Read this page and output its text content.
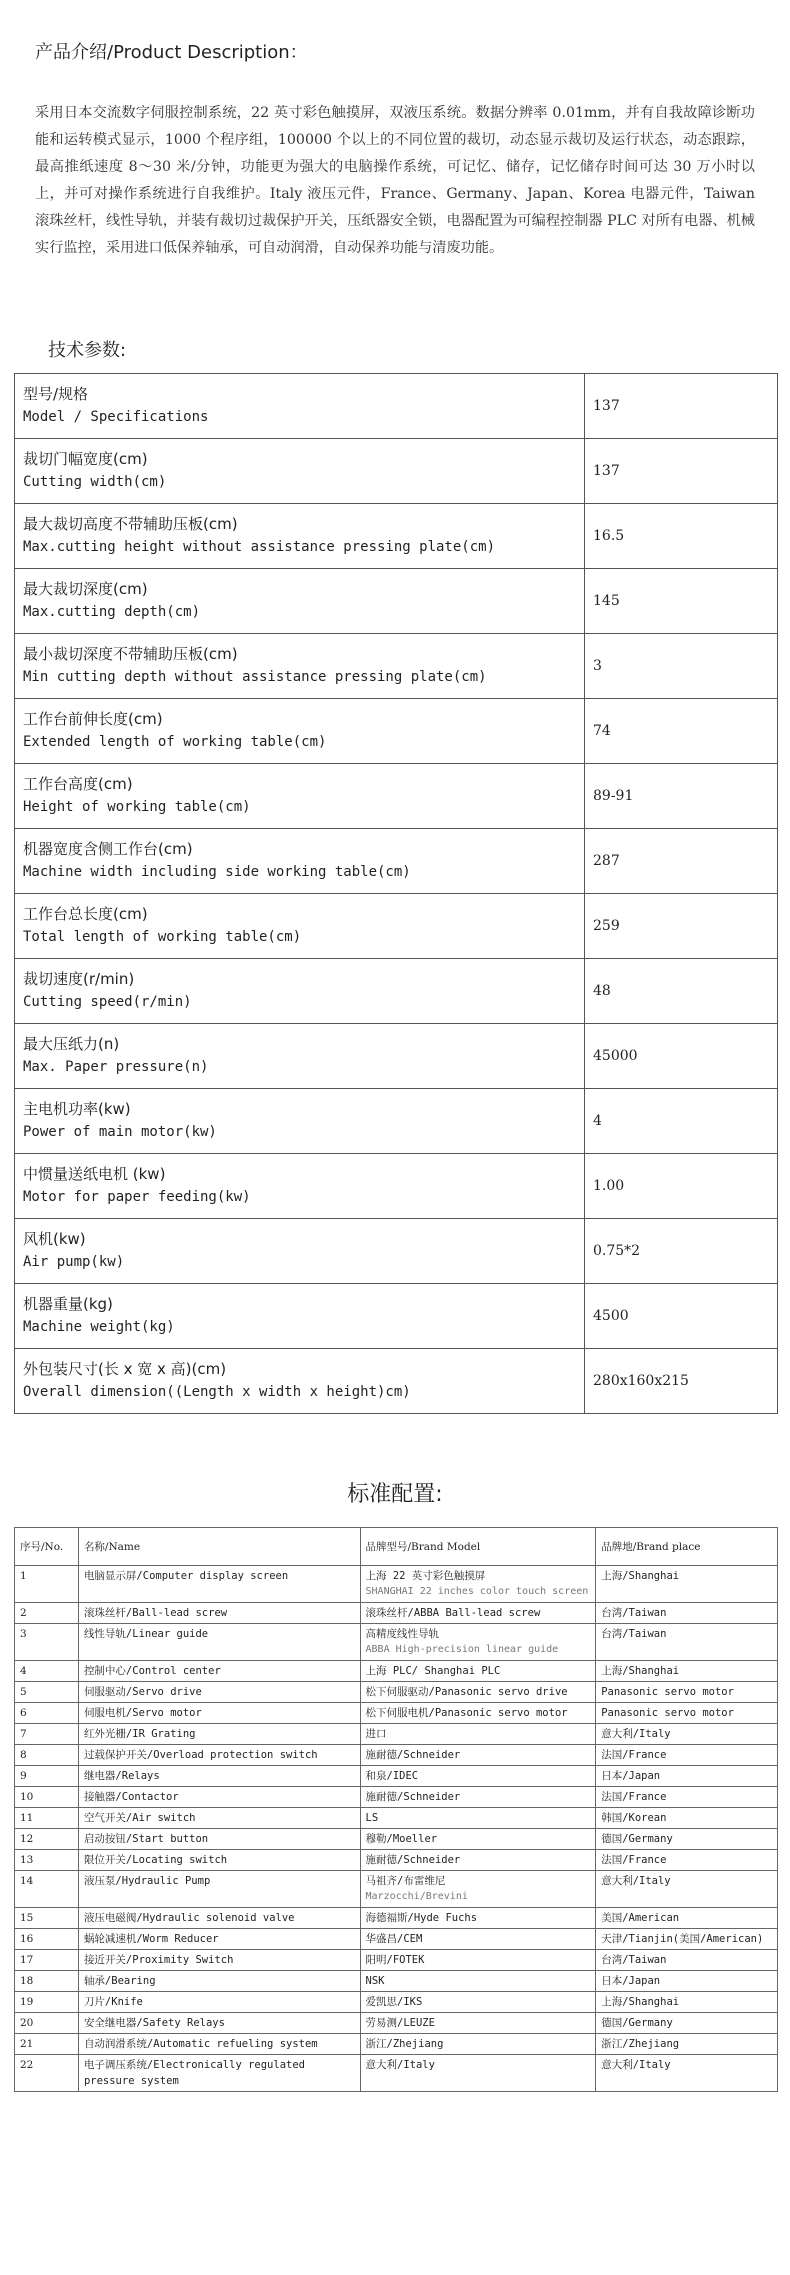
产品介绍/Product Description：
采用日本交流数字伺服控制系统，22 英寸彩色触摸屏，双液压系统。数据分辨率 0.01mm，并有自我故障诊断功能和运转模式显示，1000 个程序组，100000 个以上的不同位置的裁切，动态显示裁切及运行状态，动态跟踪，最高推纸速度 8～30 米/分钟，功能更为强大的电脑操作系统，可记忆、储存，记忆储存时间可达 30 万小时以上，并可对操作系统进行自我维护。Italy 液压元件，France、Germany、Japan、Korea 电器元件，Taiwan 滚珠丝杆，线性导轨，并装有裁切过裁保护开关，压纸器安全锁，电器配置为可编程控制器 PLC 对所有电器、机械实行监控，采用进口低保养轴承，可自动润滑，自动保养功能与清废功能。
技术参数:
型号/规格
Model / Specifications	137

裁切门幅宽度(cm)
Cutting width(cm)	137

最大裁切高度不带辅助压板(cm)
Max.cutting height without assistance pressing plate(cm)	16.5

最大裁切深度(cm)
Max.cutting depth(cm)	145

最小裁切深度不带辅助压板(cm)
Min cutting depth without assistance pressing plate(cm)	3

工作台前伸长度(cm)
Extended length of working table(cm)	74

工作台高度(cm)
Height of working table(cm)	89-91

机器宽度含侧工作台(cm)
Machine width including side working table(cm)	287

工作台总长度(cm)
Total length of working table(cm)	259

裁切速度(r/min)
Cutting speed(r/min)	48

最大压纸力(n)
Max. Paper pressure(n)	45000

主电机功率(kw)
Power of main motor(kw)	4

中惯量送纸电机 (kw)
Motor for paper feeding(kw)	1.00

风机(kw)
Air pump(kw)	0.75*2

机器重量(kg)
Machine weight(kg)	4500

外包装尺寸(长 x 宽 x 高)(cm)
Overall dimension((Length x width x height)cm)	280x160x215
标准配置:
序号/No.	名称/Name	品牌型号/Brand Model	品牌地/Brand place
1	电脑显示屏/Computer display screen	上海 22 英寸彩色触摸屏
SHANGHAI 22 inches color touch screen	上海/Shanghai
2	滚珠丝杆/Ball-lead screw	滚珠丝杆/ABBA Ball-lead screw	台湾/Taiwan
3	线性导轨/Linear guide	高精度线性导轨
ABBA High-precision linear guide	台湾/Taiwan
4	控制中心/Control center	上海 PLC/ Shanghai PLC	上海/Shanghai
5	伺服驱动/Servo drive	松下伺服驱动/Panasonic servo drive	Panasonic servo motor
6	伺服电机/Servo motor	松下伺服电机/Panasonic servo motor	Panasonic servo motor
7	红外光栅/IR Grating	进口	意大利/Italy
8	过载保护开关/Overload protection switch	施耐德/Schneider	法国/France
9	继电器/Relays	和泉/IDEC	日本/Japan
10	接触器/Contactor	施耐德/Schneider	法国/France
11	空气开关/Air switch	LS	韩国/Korean
12	启动按钮/Start button	穆勒/Moeller	德国/Germany
13	限位开关/Locating switch	施耐德/Schneider	法国/France
14	液压泵/Hydraulic Pump	马祖齐/布雷维尼
Marzocchi/Brevini	意大利/Italy
15	液压电磁阀/Hydraulic solenoid valve	海德福斯/Hyde Fuchs	美国/American
16	蜗轮减速机/Worm Reducer	华盛昌/CEM	天津/Tianjin(美国/American)
17	接近开关/Proximity Switch	阳明/FOTEK	台湾/Taiwan
18	轴承/Bearing	NSK	日本/Japan
19	刀片/Knife	爱凯思/IKS	上海/Shanghai
20	安全继电器/Safety Relays	劳易测/LEUZE	德国/Germany
21	自动润滑系统/Automatic refueling system	浙江/Zhejiang	浙江/Zhejiang
22	电子调压系统/Electronically regulated pressure system	意大利/Italy	意大利/Italy
